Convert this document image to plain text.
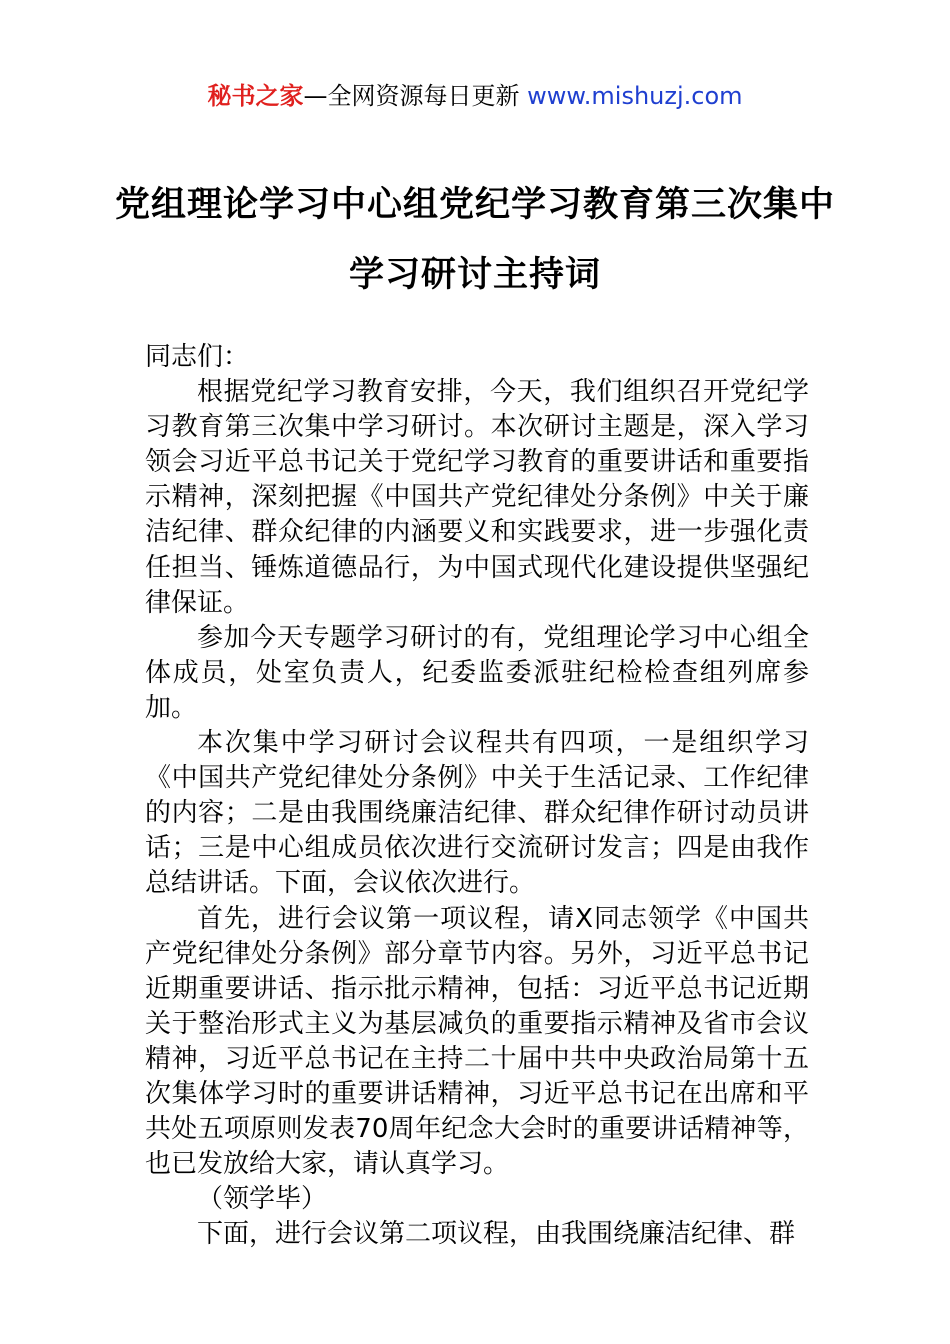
秘书之家—全网资源每日更新 www.mishuzj.com
党组理论学习中心组党纪学习教育第三次集中学习研讨主持词

同志们：

根据党纪学习教育安排，今天，我们组织召开党纪学习教育第三次集中学习研讨。本次研讨主题是，深入学习领会习近平总书记关于党纪学习教育的重要讲话和重要指示精神，深刻把握《中国共产党纪律处分条例》中关于廉洁纪律、群众纪律的内涵要义和实践要求，进一步强化责任担当、锤炼道德品行，为中国式现代化建设提供坚强纪律保证。

参加今天专题学习研讨的有，党组理论学习中心组全体成员，处室负责人，纪委监委派驻纪检检查组列席参加。

本次集中学习研讨会议程共有四项，一是组织学习《中国共产党纪律处分条例》中关于生活记录、工作纪律的内容；二是由我围绕廉洁纪律、群众纪律作研讨动员讲话；三是中心组成员依次进行交流研讨发言；四是由我作总结讲话。下面，会议依次进行。

首先，进行会议第一项议程，请X同志领学《中国共产党纪律处分条例》部分章节内容。另外，习近平总书记近期重要讲话、指示批示精神，包括：习近平总书记近期关于整治形式主义为基层减负的重要指示精神及省市会议精神，习近平总书记在主持二十届中共中央政治局第十五次集体学习时的重要讲话精神，习近平总书记在出席和平共处五项原则发表70周年纪念大会时的重要讲话精神等，也已发放给大家，请认真学习。

（领学毕）

下面，进行会议第二项议程，由我围绕廉洁纪律、群
